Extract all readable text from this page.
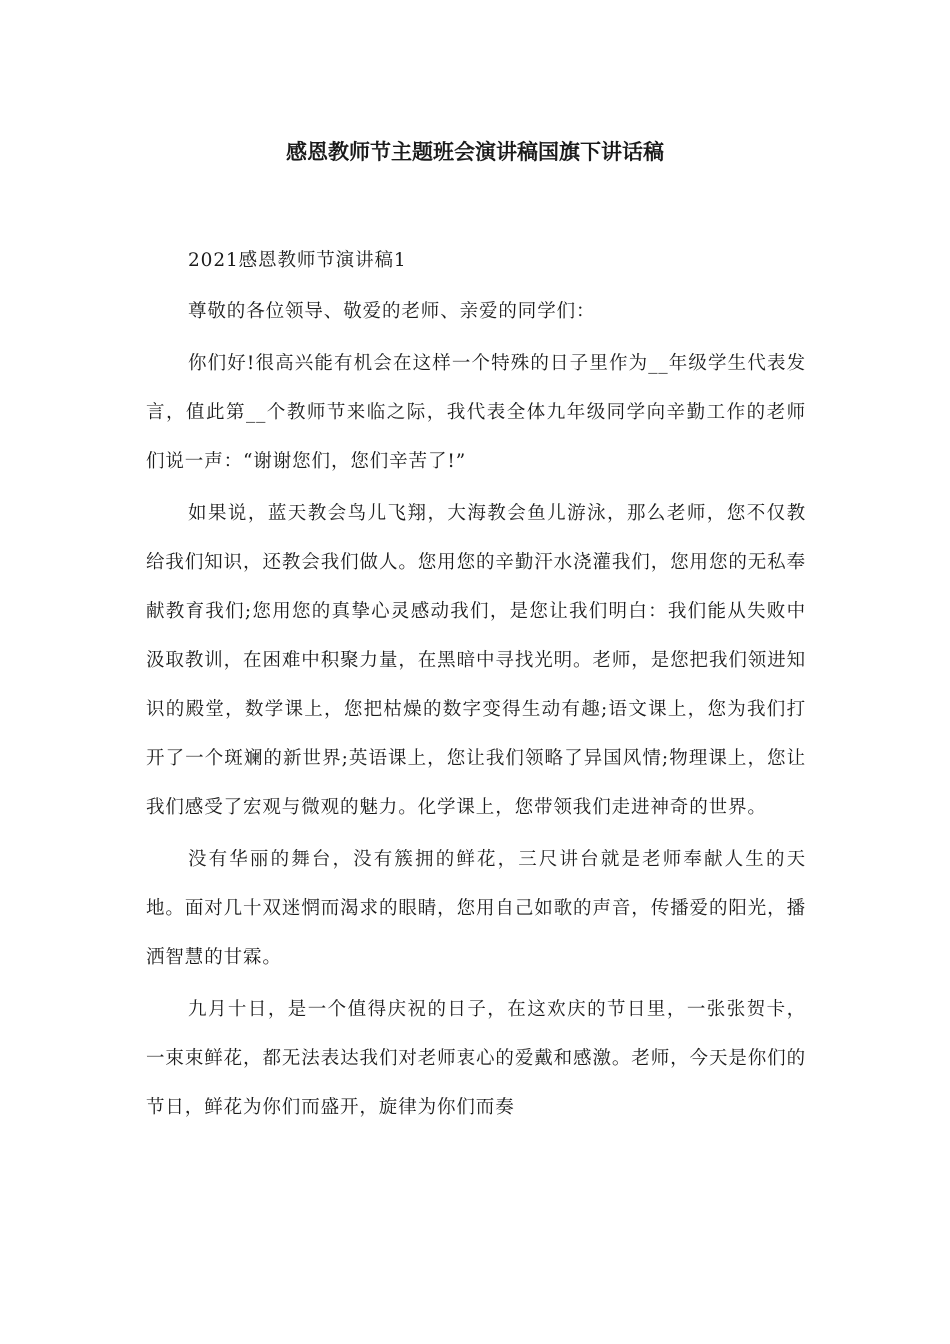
感恩教师节主题班会演讲稿国旗下讲话稿

2021感恩教师节演讲稿1

尊敬的各位领导、敬爱的老师、亲爱的同学们：

你们好!很高兴能有机会在这样一个特殊的日子里作为__年级学生代表发言，值此第__个教师节来临之际，我代表全体九年级同学向辛勤工作的老师们说一声：“谢谢您们，您们辛苦了!”

如果说，蓝天教会鸟儿飞翔，大海教会鱼儿游泳，那么老师，您不仅教给我们知识，还教会我们做人。您用您的辛勤汗水浇灌我们，您用您的无私奉献教育我们;您用您的真挚心灵感动我们，是您让我们明白：我们能从失败中汲取教训，在困难中积聚力量，在黑暗中寻找光明。老师，是您把我们领进知识的殿堂，数学课上，您把枯燥的数字变得生动有趣;语文课上，您为我们打开了一个斑斓的新世界;英语课上，您让我们领略了异国风情;物理课上，您让我们感受了宏观与微观的魅力。化学课上，您带领我们走进神奇的世界。

没有华丽的舞台，没有簇拥的鲜花，三尺讲台就是老师奉献人生的天地。面对几十双迷惘而渴求的眼睛，您用自己如歌的声音，传播爱的阳光，播洒智慧的甘霖。

九月十日，是一个值得庆祝的日子，在这欢庆的节日里，一张张贺卡，一束束鲜花，都无法表达我们对老师衷心的爱戴和感激。老师，今天是你们的节日，鲜花为你们而盛开，旋律为你们而奏
